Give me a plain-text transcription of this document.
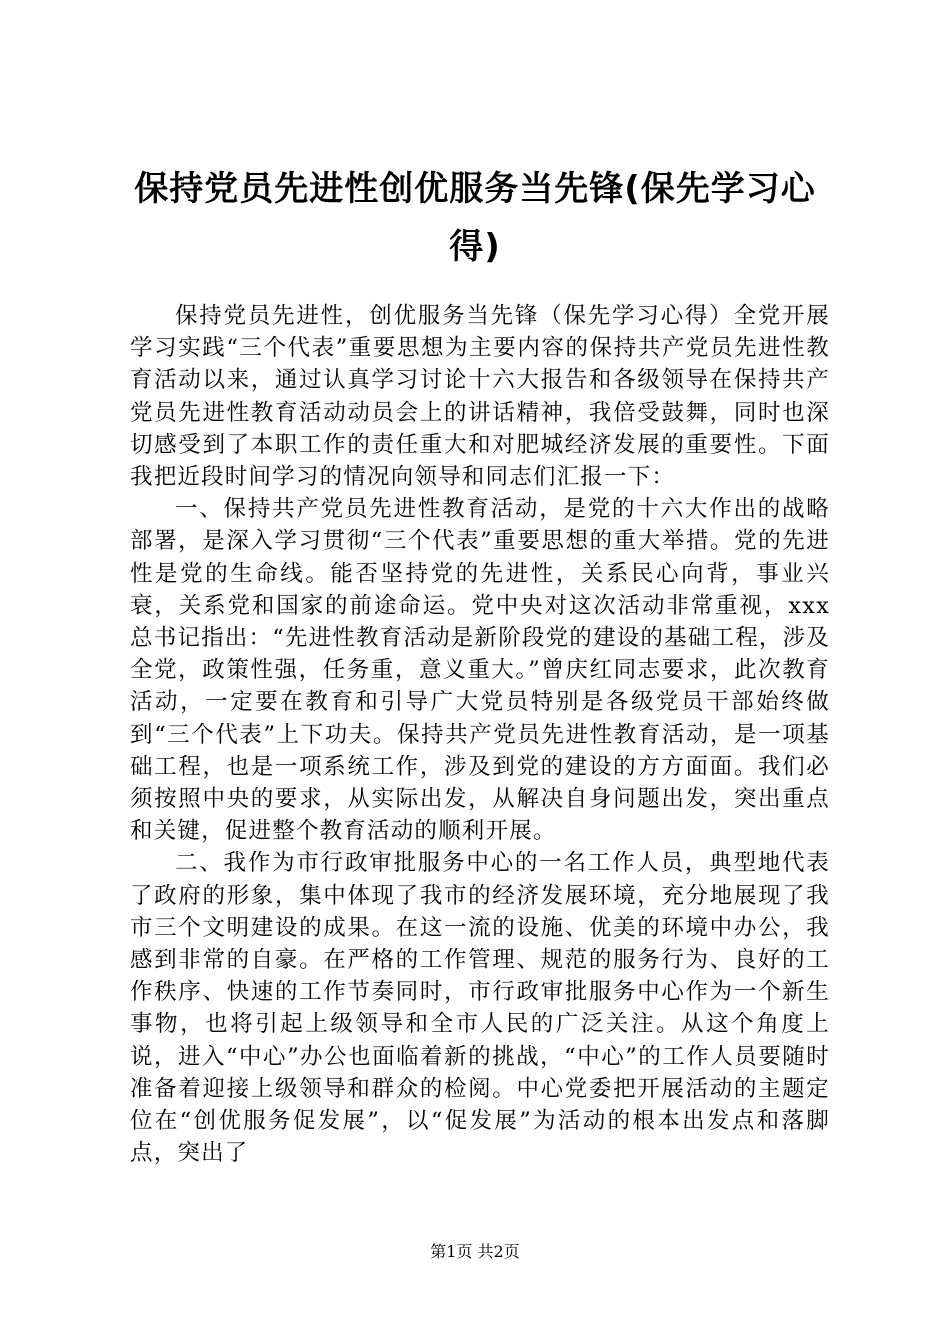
保持党员先进性创优服务当先锋(保先学习心得)

保持党员先进性，创优服务当先锋（保先学习心得）全党开展学习实践“三个代表”重要思想为主要内容的保持共产党员先进性教育活动以来，通过认真学习讨论十六大报告和各级领导在保持共产党员先进性教育活动动员会上的讲话精神，我倍受鼓舞，同时也深切感受到了本职工作的责任重大和对肥城经济发展的重要性。下面我把近段时间学习的情况向领导和同志们汇报一下：

一、保持共产党员先进性教育活动，是党的十六大作出的战略部署，是深入学习贯彻“三个代表”重要思想的重大举措。党的先进性是党的生命线。能否坚持党的先进性，关系民心向背，事业兴衰，关系党和国家的前途命运。党中央对这次活动非常重视，xxx总书记指出：“先进性教育活动是新阶段党的建设的基础工程，涉及全党，政策性强，任务重，意义重大。”曾庆红同志要求，此次教育活动，一定要在教育和引导广大党员特别是各级党员干部始终做到“三个代表”上下功夫。保持共产党员先进性教育活动，是一项基础工程，也是一项系统工作，涉及到党的建设的方方面面。我们必须按照中央的要求，从实际出发，从解决自身问题出发，突出重点和关键，促进整个教育活动的顺利开展。

二、我作为市行政审批服务中心的一名工作人员，典型地代表了政府的形象，集中体现了我市的经济发展环境，充分地展现了我市三个文明建设的成果。在这一流的设施、优美的环境中办公，我感到非常的自豪。在严格的工作管理、规范的服务行为、良好的工作秩序、快速的工作节奏同时，市行政审批服务中心作为一个新生事物，也将引起上级领导和全市人民的广泛关注。从这个角度上说，进入“中心”办公也面临着新的挑战，“中心”的工作人员要随时准备着迎接上级领导和群众的检阅。中心党委把开展活动的主题定位在“创优服务促发展”，以“促发展”为活动的根本出发点和落脚点，突出了

第1页 共2页
